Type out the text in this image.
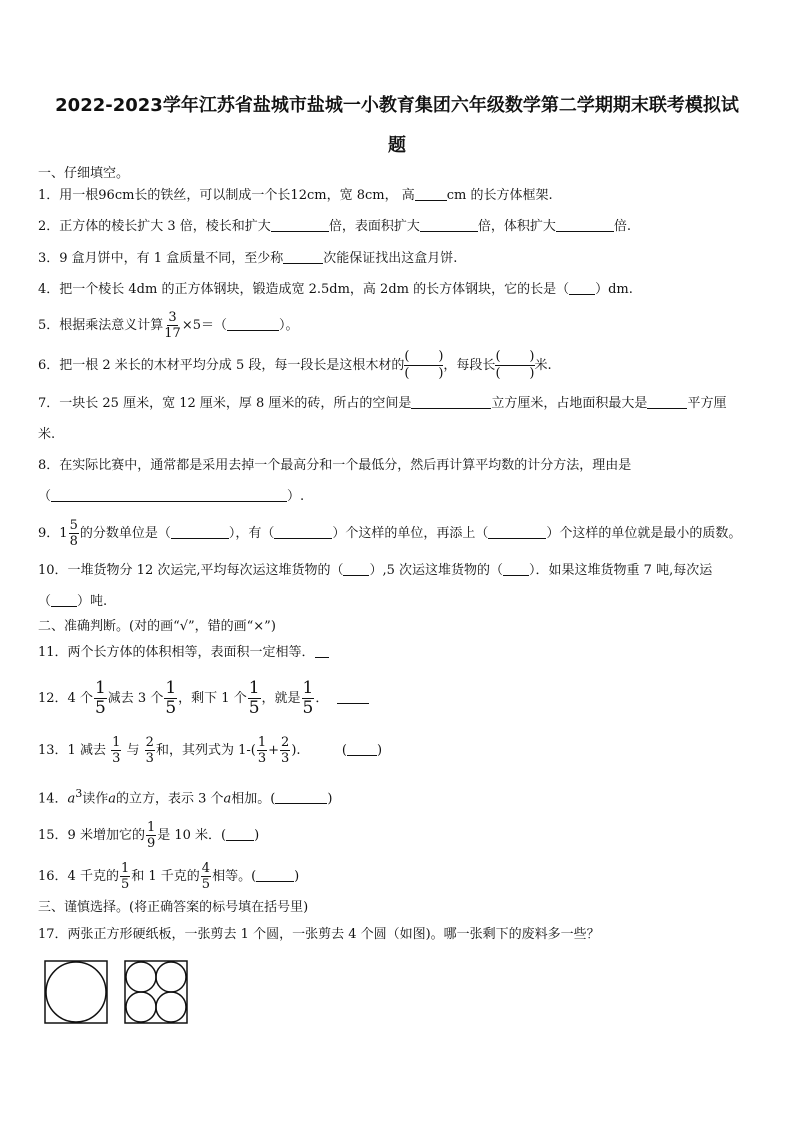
2022-2023学年江苏省盐城市盐城一小教育集团六年级数学第二学期期末联考模拟试
题
一、仔细填空。
1．用一根96cm长的铁丝，可以制成一个长12cm，宽 8cm， 高 cm 的长方体框架.
2．正方体的棱长扩大 3 倍，棱长和扩大	倍，表面积扩大	倍，体积扩大	倍.
3．9 盒月饼中，有 1 盒质量不同，至少称	次能保证找出这盒月饼.
4．把一个棱长 4dm 的正方体钢块，锻造成宽 2.5dm，高 2dm 的长方体钢块，它的长是（ ）dm.
5．根据乘法意义计算 $\frac{3}{17} \times 5=$（	）。
6．把一根 2 米长的木材平均分成 5 段，每一段长是这根木材的
(       )
(       )
，每段长
(       )
(       )
米.
7．一块长 25 厘米，宽 12 厘米，厚 8 厘米的砖，所占的空间是	立方厘米，占地面积最大是	平方厘
米.
8．在实际比赛中，通常都是采用去掉一个最高分和一个最低分，然后再计算平均数的计分方法，理由是
（	）.
9．$1 \frac{5}{8}$ 的分数单位是（	），有（	）个这样的单位，再添上（	）个这样的单位就是最小的质数。
10．一堆货物分 12 次运完,平均每次运这堆货物的（ ）,5 次运这堆货物的（ ）．如果这堆货物重 7 吨,每次运
（ ）吨.
二、准确判断。(对的画“√”，错的画“×”)
11．两个长方体的体积相等，表面积一定相等．
12．4 个 $\frac{1}{5}$ 减去 3 个 $\frac{1}{5}$ ，剩下 1 个 $\frac{1}{5}$ ，就是 $\frac{1}{5}$ ．
13．1 减去 $\frac{1}{3}$ 与 $\frac{2}{3}$ 和，其列式为 $1-( \frac{1}{3} + \frac{2}{3}$ ).	( )
14．$a^3$读作a的立方，表示 3 个a相加。(	)
15．9 米增加它的 $\frac{1}{9}$ 是 10 米．( )
16．4 千克的 $\frac{1}{5}$ 和 1 千克的 $\frac{4}{5}$ 相等。(	)
三、谨慎选择。(将正确答案的标号填在括号里)
17．两张正方形硬纸板，一张剪去 1 个圆，一张剪去 4 个圆（如图)。哪一张剩下的废料多一些？
